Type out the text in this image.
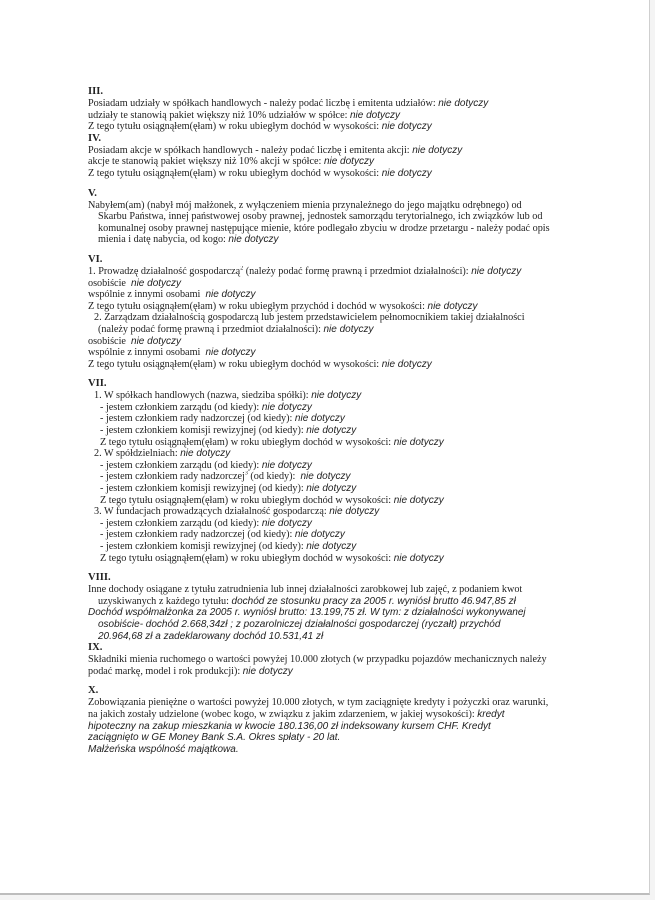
III.
Posiadam udziały w spółkach handlowych - należy podać liczbę i emitenta udziałów: nie dotyczy
udziały te stanowią pakiet większy niż 10% udziałów w spółce: nie dotyczy
Z tego tytułu osiągnąłem(ęłam) w roku ubiegłym dochód w wysokości: nie dotyczy
IV.
Posiadam akcje w spółkach handlowych - należy podać liczbę i emitenta akcji: nie dotyczy
akcje te stanowią pakiet większy niż 10% akcji w spółce: nie dotyczy
Z tego tytułu osiągnąłem(ęłam) w roku ubiegłym dochód w wysokości: nie dotyczy
V.
Nabyłem(am) (nabył mój małżonek, z wyłączeniem mienia przynależnego do jego majątku odrębnego) od
Skarbu Państwa, innej państwowej osoby prawnej, jednostek samorządu terytorialnego, ich związków lub od
komunalnej osoby prawnej następujące mienie, które podlegało zbyciu w drodze przetargu - należy podać opis
mienia i datę nabycia, od kogo: nie dotyczy
VI.
1. Prowadzę działalność gospodarczą$^2$ (należy podać formę prawną i przedmiot działalności): nie dotyczy
osobiście nie dotyczy
wspólnie z innymi osobami nie dotyczy
Z tego tytułu osiągnąłem(ęłam) w roku ubiegłym przychód i dochód w wysokości: nie dotyczy
2. Zarządzam działalnością gospodarczą lub jestem przedstawicielem pełnomocnikiem takiej działalności
(należy podać formę prawną i przedmiot działalności): nie dotyczy
osobiście nie dotyczy
wspólnie z innymi osobami nie dotyczy
Z tego tytułu osiągnąłem(ęłam) w roku ubiegłym dochód w wysokości: nie dotyczy
VII.
1. W spółkach handlowych (nazwa, siedziba spółki): nie dotyczy
- jestem członkiem zarządu (od kiedy): nie dotyczy
- jestem członkiem rady nadzorczej (od kiedy): nie dotyczy
- jestem członkiem komisji rewizyjnej (od kiedy): nie dotyczy
Z tego tytułu osiągnąłem(ęłam) w roku ubiegłym dochód w wysokości: nie dotyczy
2. W spółdzielniach: nie dotyczy
- jestem członkiem zarządu (od kiedy): nie dotyczy
- jestem członkiem rady nadzorczej$^3$ (od kiedy): nie dotyczy
- jestem członkiem komisji rewizyjnej (od kiedy): nie dotyczy
Z tego tytułu osiągnąłem(ęłam) w roku ubiegłym dochód w wysokości: nie dotyczy
3. W fundacjach prowadzących działalność gospodarczą: nie dotyczy
- jestem członkiem zarządu (od kiedy): nie dotyczy
- jestem członkiem rady nadzorczej (od kiedy): nie dotyczy
- jestem członkiem komisji rewizyjnej (od kiedy): nie dotyczy
Z tego tytułu osiągnąłem(ęłam) w roku ubiegłym dochód w wysokości: nie dotyczy
VIII.
Inne dochody osiągane z tytułu zatrudnienia lub innej działalności zarobkowej lub zajęć, z podaniem kwot
uzyskiwanych z każdego tytułu: dochód ze stosunku pracy za 2005 r. wyniósł brutto 46.947,85 zł
Dochód współmałżonka za 2005 r. wyniósł brutto: 13.199,75 zł. W tym: z działalności wykonywanej
osobiście- dochód 2.668,34zł ; z pozarolniczej działalności gospodarczej (ryczałt) przychód
20.964,68 zł a zadeklarowany dochód 10.531,41 zł
IX.
Składniki mienia ruchomego o wartości powyżej 10.000 złotych (w przypadku pojazdów mechanicznych należy
podać markę, model i rok produkcji): nie dotyczy
X.
Zobowiązania pieniężne o wartości powyżej 10.000 złotych, w tym zaciągnięte kredyty i pożyczki oraz warunki,
na jakich zostały udzielone (wobec kogo, w związku z jakim zdarzeniem, w jakiej wysokości): kredyt
hipoteczny na zakup mieszkania w kwocie 180.136,00 zł indeksowany kursem CHF. Kredyt
zaciągnięto w GE Money Bank S.A. Okres spłaty - 20 lat.
Małżeńska wspólność majątkowa.
